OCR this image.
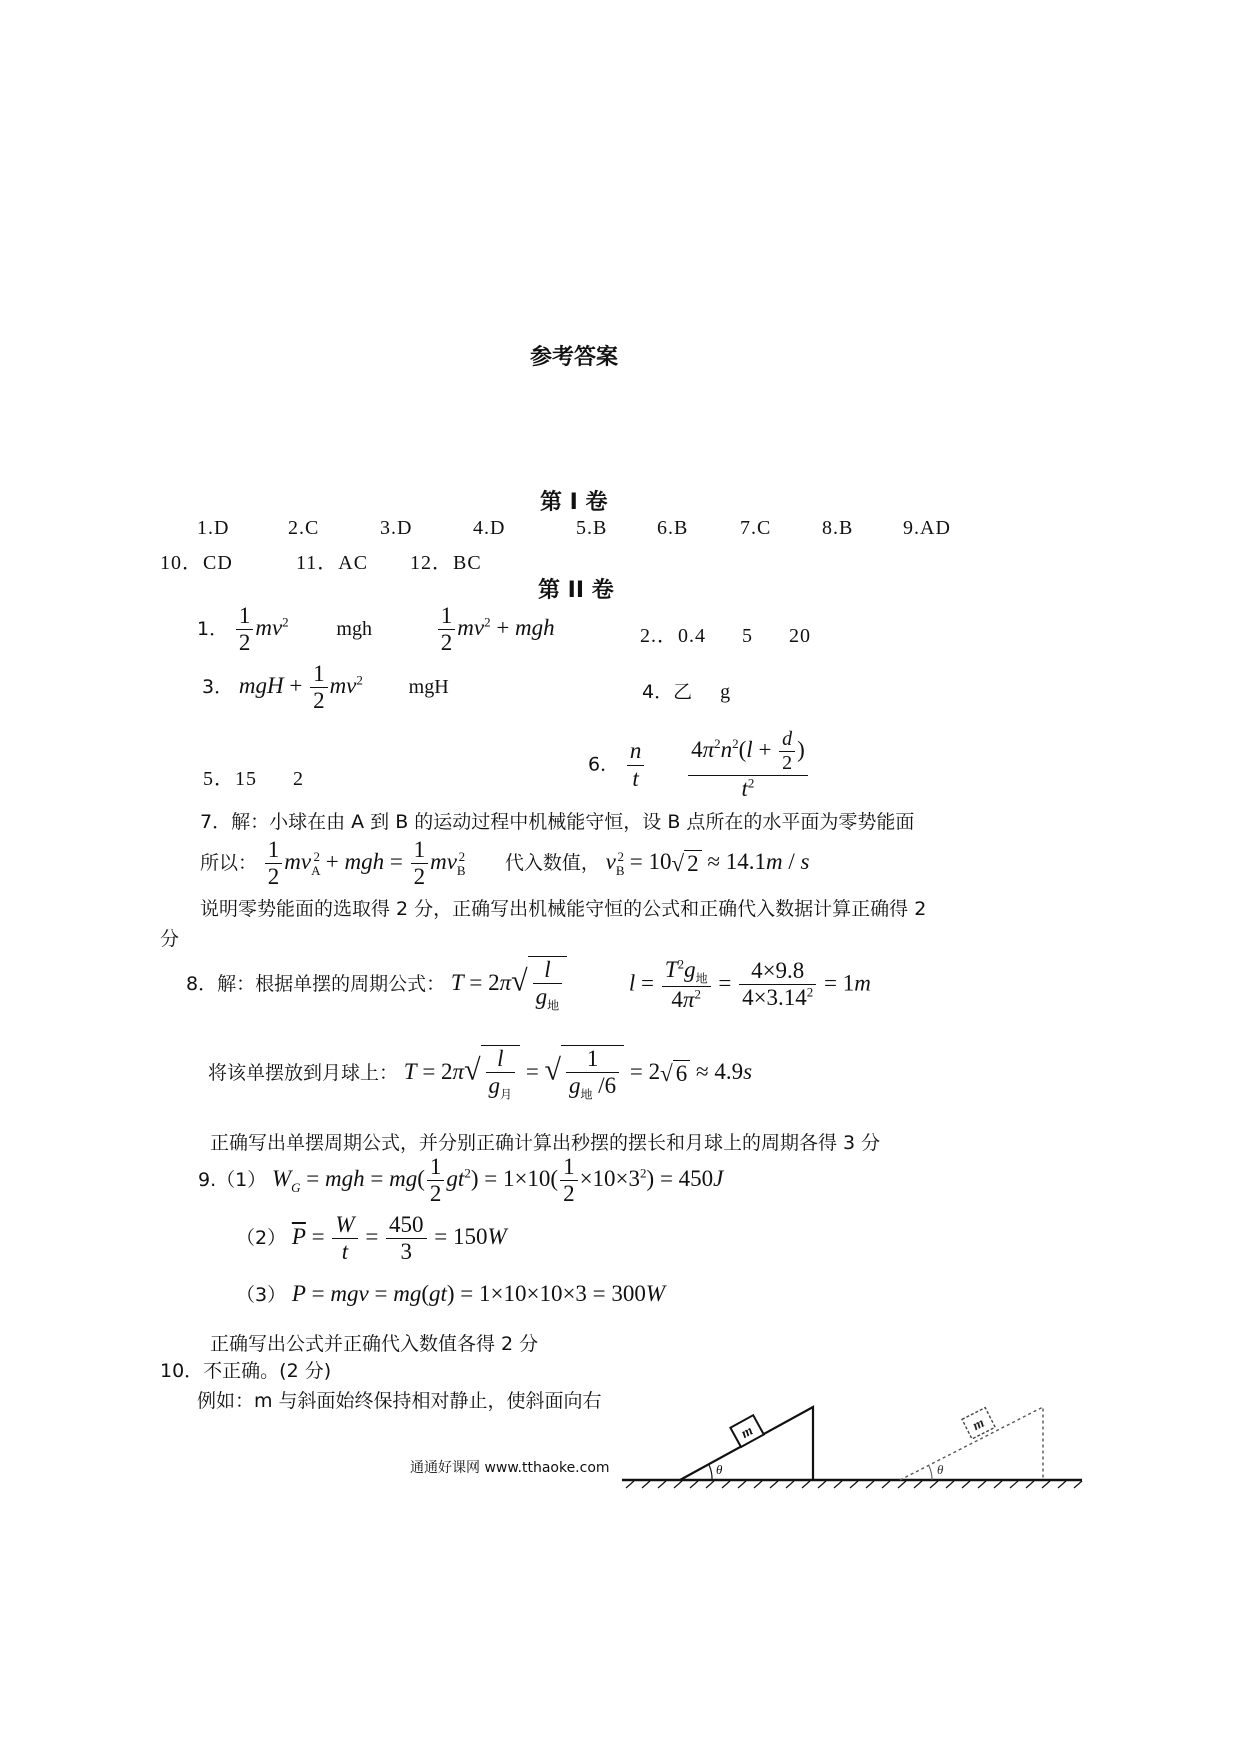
参考答案
第 I 卷
1.D	2.C	3.D	4.D	5.B 6.B	7.C	8.B 9.AD
10．CD	11．AC 12．BC
第 II 卷
1． $\frac{1}{2} mv^2$ mgh	$\frac{1}{2} mv^2$ + mgh	2.．0.4 5 20
3． mgH + $\frac{1}{2} mv^2$ mgH	4．乙 g
5．15 2
6． $\frac{n}{t}$
$\frac{4\pi^2n^2(l + \frac{d}{2} )}{t^2}$
7．解：小球在由 A 到 B 的运动过程中机械能守恒，设 B 点所在的水平面为零势能面
所以： $\frac{1}{2} mv_A^2$ + mgh = $\frac{1}{2} mv_B^2$ 代入数值， $v_B^2 = 10√$ 2 ≈ 14.1m / s
说明零势能面的选取得 2 分，正确写出机械能守恒的公式和正确代入数据计算正确得 2
分
8．解：根据单摆的周期公式： $T = 2\pi√ \frac{l}{g_地}$	$l = \frac{T^2g_地}{4\pi^2} = \frac{4\times 9.8}{4\times 3.14^2} = 1m$
将该单摆放到月球上： $T = 2\pi√ \frac{l}{g_月}$ = √ $\frac{1}{g_地 /6} = 2√$ 6 ≈ 4.9s
正确写出单摆周期公式，并分别正确计算出秒摆的摆长和月球上的周期各得 3 分
9.（1） $W_G$ = mgh = $mg( \frac{1}{2} gt^2) = 1\times 10( \frac{1}{2} \times 10\times 3^2) = 450J$
（2） $\overline{P} = \frac{W}{t} = \frac{450}{3} = 150W$
（3） P = mgv = mg(gt) = 1×10×10×3 = 300W
正确写出公式并正确代入数值各得 2 分
10．不正确。(2 分)
例如：m 与斜面始终保持相对静止，使斜面向右
通通好课网 www.tthaoke.com	θ
m
θ
m
